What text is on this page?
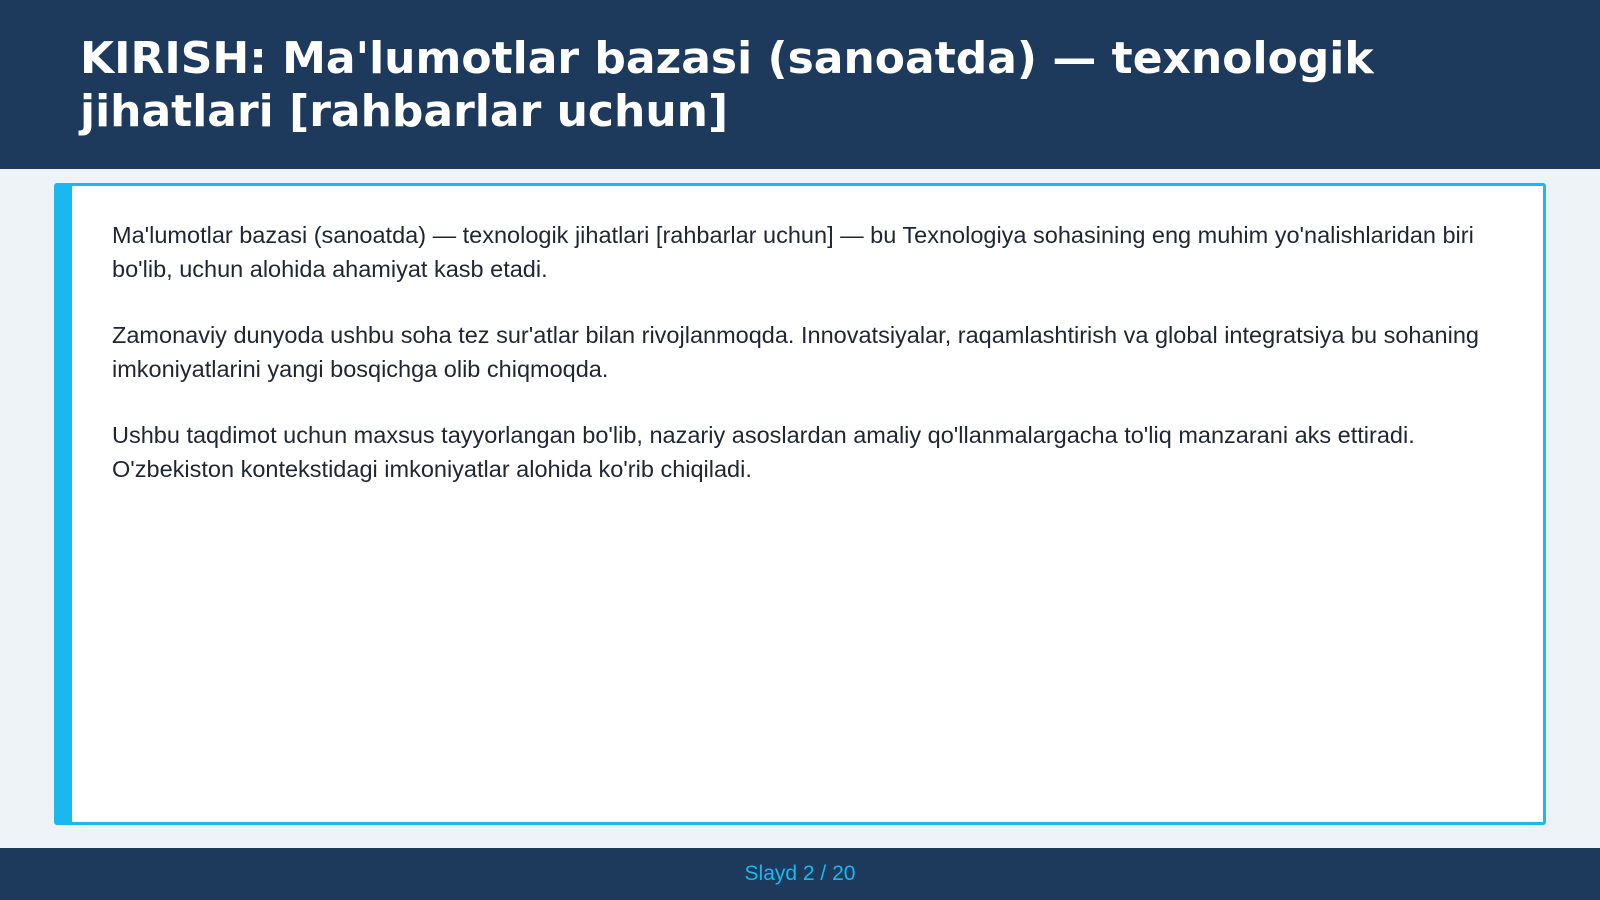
KIRISH: Ma'lumotlar bazasi (sanoatda) — texnologik jihatlari [rahbarlar uchun]

Ma'lumotlar bazasi (sanoatda) — texnologik jihatlari [rahbarlar uchun] — bu Texnologiya sohasining eng muhim yo'nalishlaridan biri bo'lib, uchun alohida ahamiyat kasb etadi.

Zamonaviy dunyoda ushbu soha tez sur'atlar bilan rivojlanmoqda. Innovatsiyalar, raqamlashtirish va global integratsiya bu sohaning imkoniyatlarini yangi bosqichga olib chiqmoqda.

Ushbu taqdimot uchun maxsus tayyorlangan bo'lib, nazariy asoslardan amaliy qo'llanmalargacha to'liq manzarani aks ettiradi. O'zbekiston kontekstidagi imkoniyatlar alohida ko'rib chiqiladi.

Slayd 2 / 20
